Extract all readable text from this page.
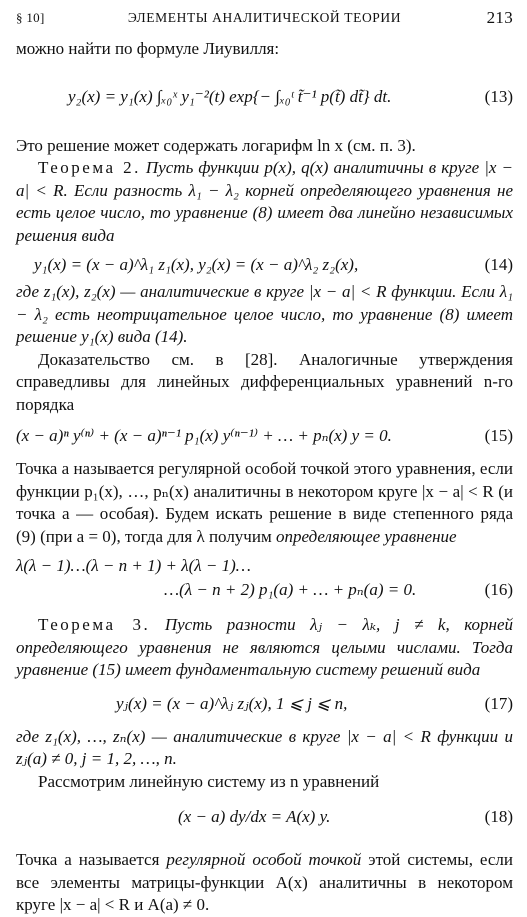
§ 10]	ЭЛЕМЕНТЫ АНАЛИТИЧЕСКОЙ ТЕОРИИ	213

можно найти по формуле Лиувилля:

y₂(x) = y₁(x) ∫ₓ₀ˣ y₁⁻²(t) exp{− ∫ₓ₀ᵗ t̃⁻¹ p(t̃) dt̃} dt.	(13)

Это решение может содержать логарифм ln x (см. п. 3).

Теорема 2. Пусть функции p(x), q(x) аналитичны в круге |x − a| < R. Если разность λ₁ − λ₂ корней определяющего уравнения не есть целое число, то уравнение (8) имеет два линейно независимых решения вида

y₁(x) = (x − a)^λ₁ z₁(x), y₂(x) = (x − a)^λ₂ z₂(x),	(14)

где z₁(x), z₂(x) — аналитические в круге |x − a| < R функции. Если λ₁ − λ₂ есть неотрицательное целое число, то уравнение (8) имеет решение y₁(x) вида (14).

Доказательство см. в [28]. Аналогичные утверждения справедливы для линейных дифференциальных уравнений n-го порядка

(x − a)ⁿ y⁽ⁿ⁾ + (x − a)ⁿ⁻¹ p₁(x) y⁽ⁿ⁻¹⁾ + … + pₙ(x) y = 0.	(15)

Точка a называется регулярной особой точкой этого уравнения, если функции p₁(x), …, pₙ(x) аналитичны в некотором круге |x − a| < R (и точка a — особая). Будем искать решение в виде степенного ряда (9) (при a = 0), тогда для λ получим определяющее уравнение

λ(λ − 1)…(λ − n + 1) + λ(λ − 1)…
…(λ − n + 2) p₁(a) + … + pₙ(a) = 0.	(16)

Теорема 3. Пусть разности λⱼ − λₖ, j ≠ k, корней определяющего уравнения не являются целыми числами. Тогда уравнение (15) имеет фундаментальную систему решений вида

yⱼ(x) = (x − a)^λⱼ zⱼ(x), 1 ⩽ j ⩽ n,	(17)

где z₁(x), …, zₙ(x) — аналитические в круге |x − a| < R функции и zⱼ(a) ≠ 0, j = 1, 2, …, n.

Рассмотрим линейную систему из n уравнений

(x − a) dy/dx = A(x) y.	(18)

Точка a называется регулярной особой точкой этой системы, если все элементы матрицы-функции A(x) аналитичны в некотором круге |x − a| < R и A(a) ≠ 0.
